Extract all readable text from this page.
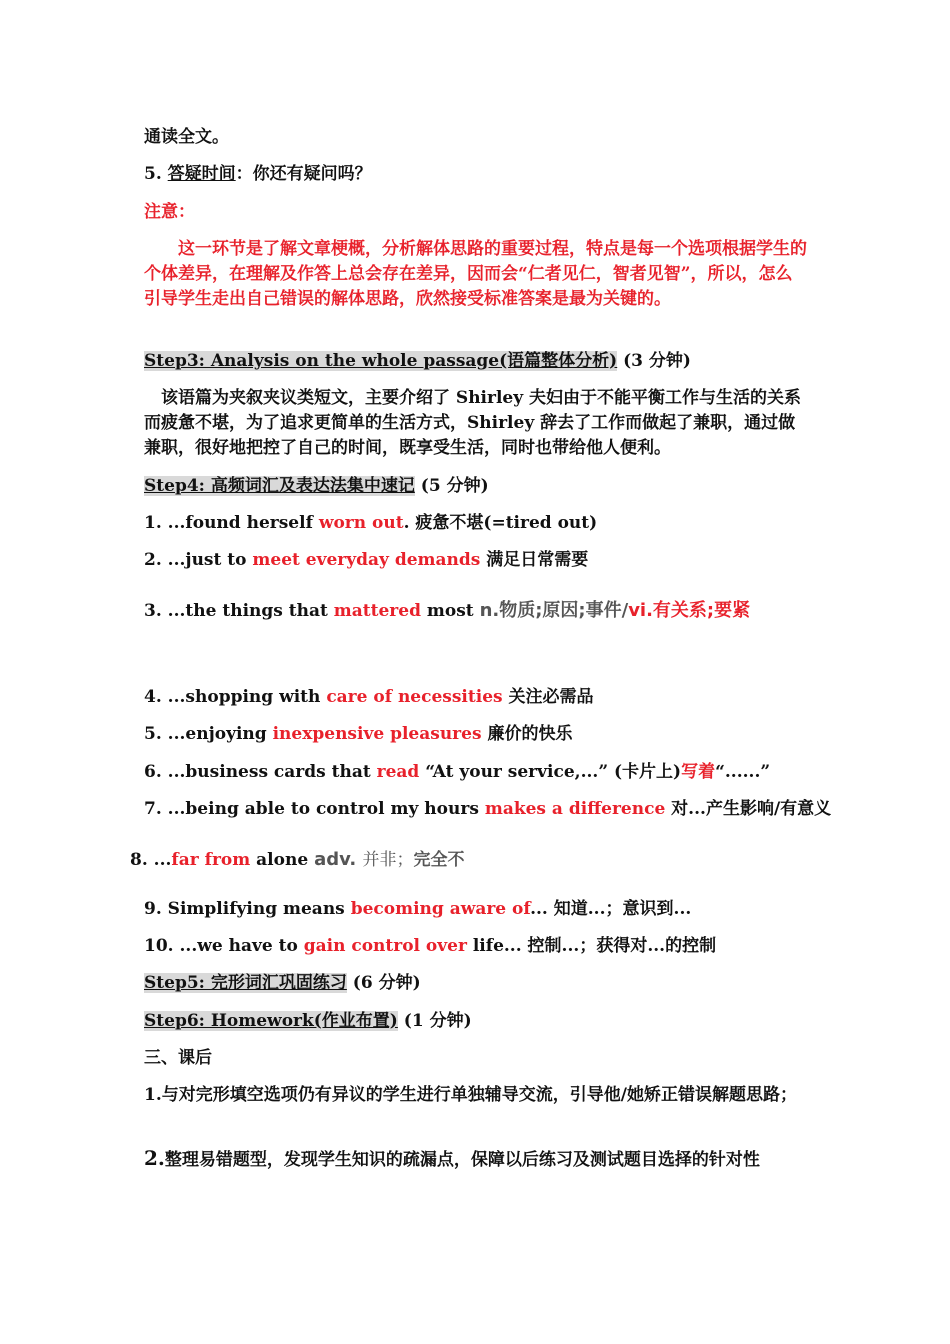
通读全文。
5. 答疑时间：你还有疑问吗？
注意：
这一环节是了解文章梗概，分析解体思路的重要过程，特点是每一个选项根据学生的个体差异，在理解及作答上总会存在差异，因而会“仁者见仁，智者见智”，所以，怎么引导学生走出自己错误的解体思路，欣然接受标准答案是最为关键的。
Step3: Analysis on the whole passage(语篇整体分析) (3 分钟)
该语篇为夹叙夹议类短文，主要介绍了 Shirley 夫妇由于不能平衡工作与生活的关系而疲惫不堪，为了追求更简单的生活方式，Shirley 辞去了工作而做起了兼职，通过做兼职，很好地把控了自己的时间，既享受生活，同时也带给他人便利。
Step4: 高频词汇及表达法集中速记 (5 分钟)
1. ...found herself worn out. 疲惫不堪(=tired out)
2. ...just to meet everyday demands 满足日常需要
3. ...the things that mattered most n.物质;原因;事件/vi.有关系;要紧
4. ...shopping with care of necessities 关注必需品
5. ...enjoying inexpensive pleasures 廉价的快乐
6. ...business cards that read “At your service,...” (卡片上)写着“......”
7. ...being able to control my hours makes a difference 对...产生影响/有意义
8. ...far from alone adv. 并非；完全不
9. Simplifying means becoming aware of... 知道...；意识到...
10. ...we have to gain control over life... 控制...；获得对...的控制
Step5: 完形词汇巩固练习 (6 分钟)
Step6: Homework(作业布置) (1 分钟)
三、课后
1.与对完形填空选项仍有异议的学生进行单独辅导交流，引导他/她矫正错误解题思路；
2.整理易错题型，发现学生知识的疏漏点，保障以后练习及测试题目选择的针对性
